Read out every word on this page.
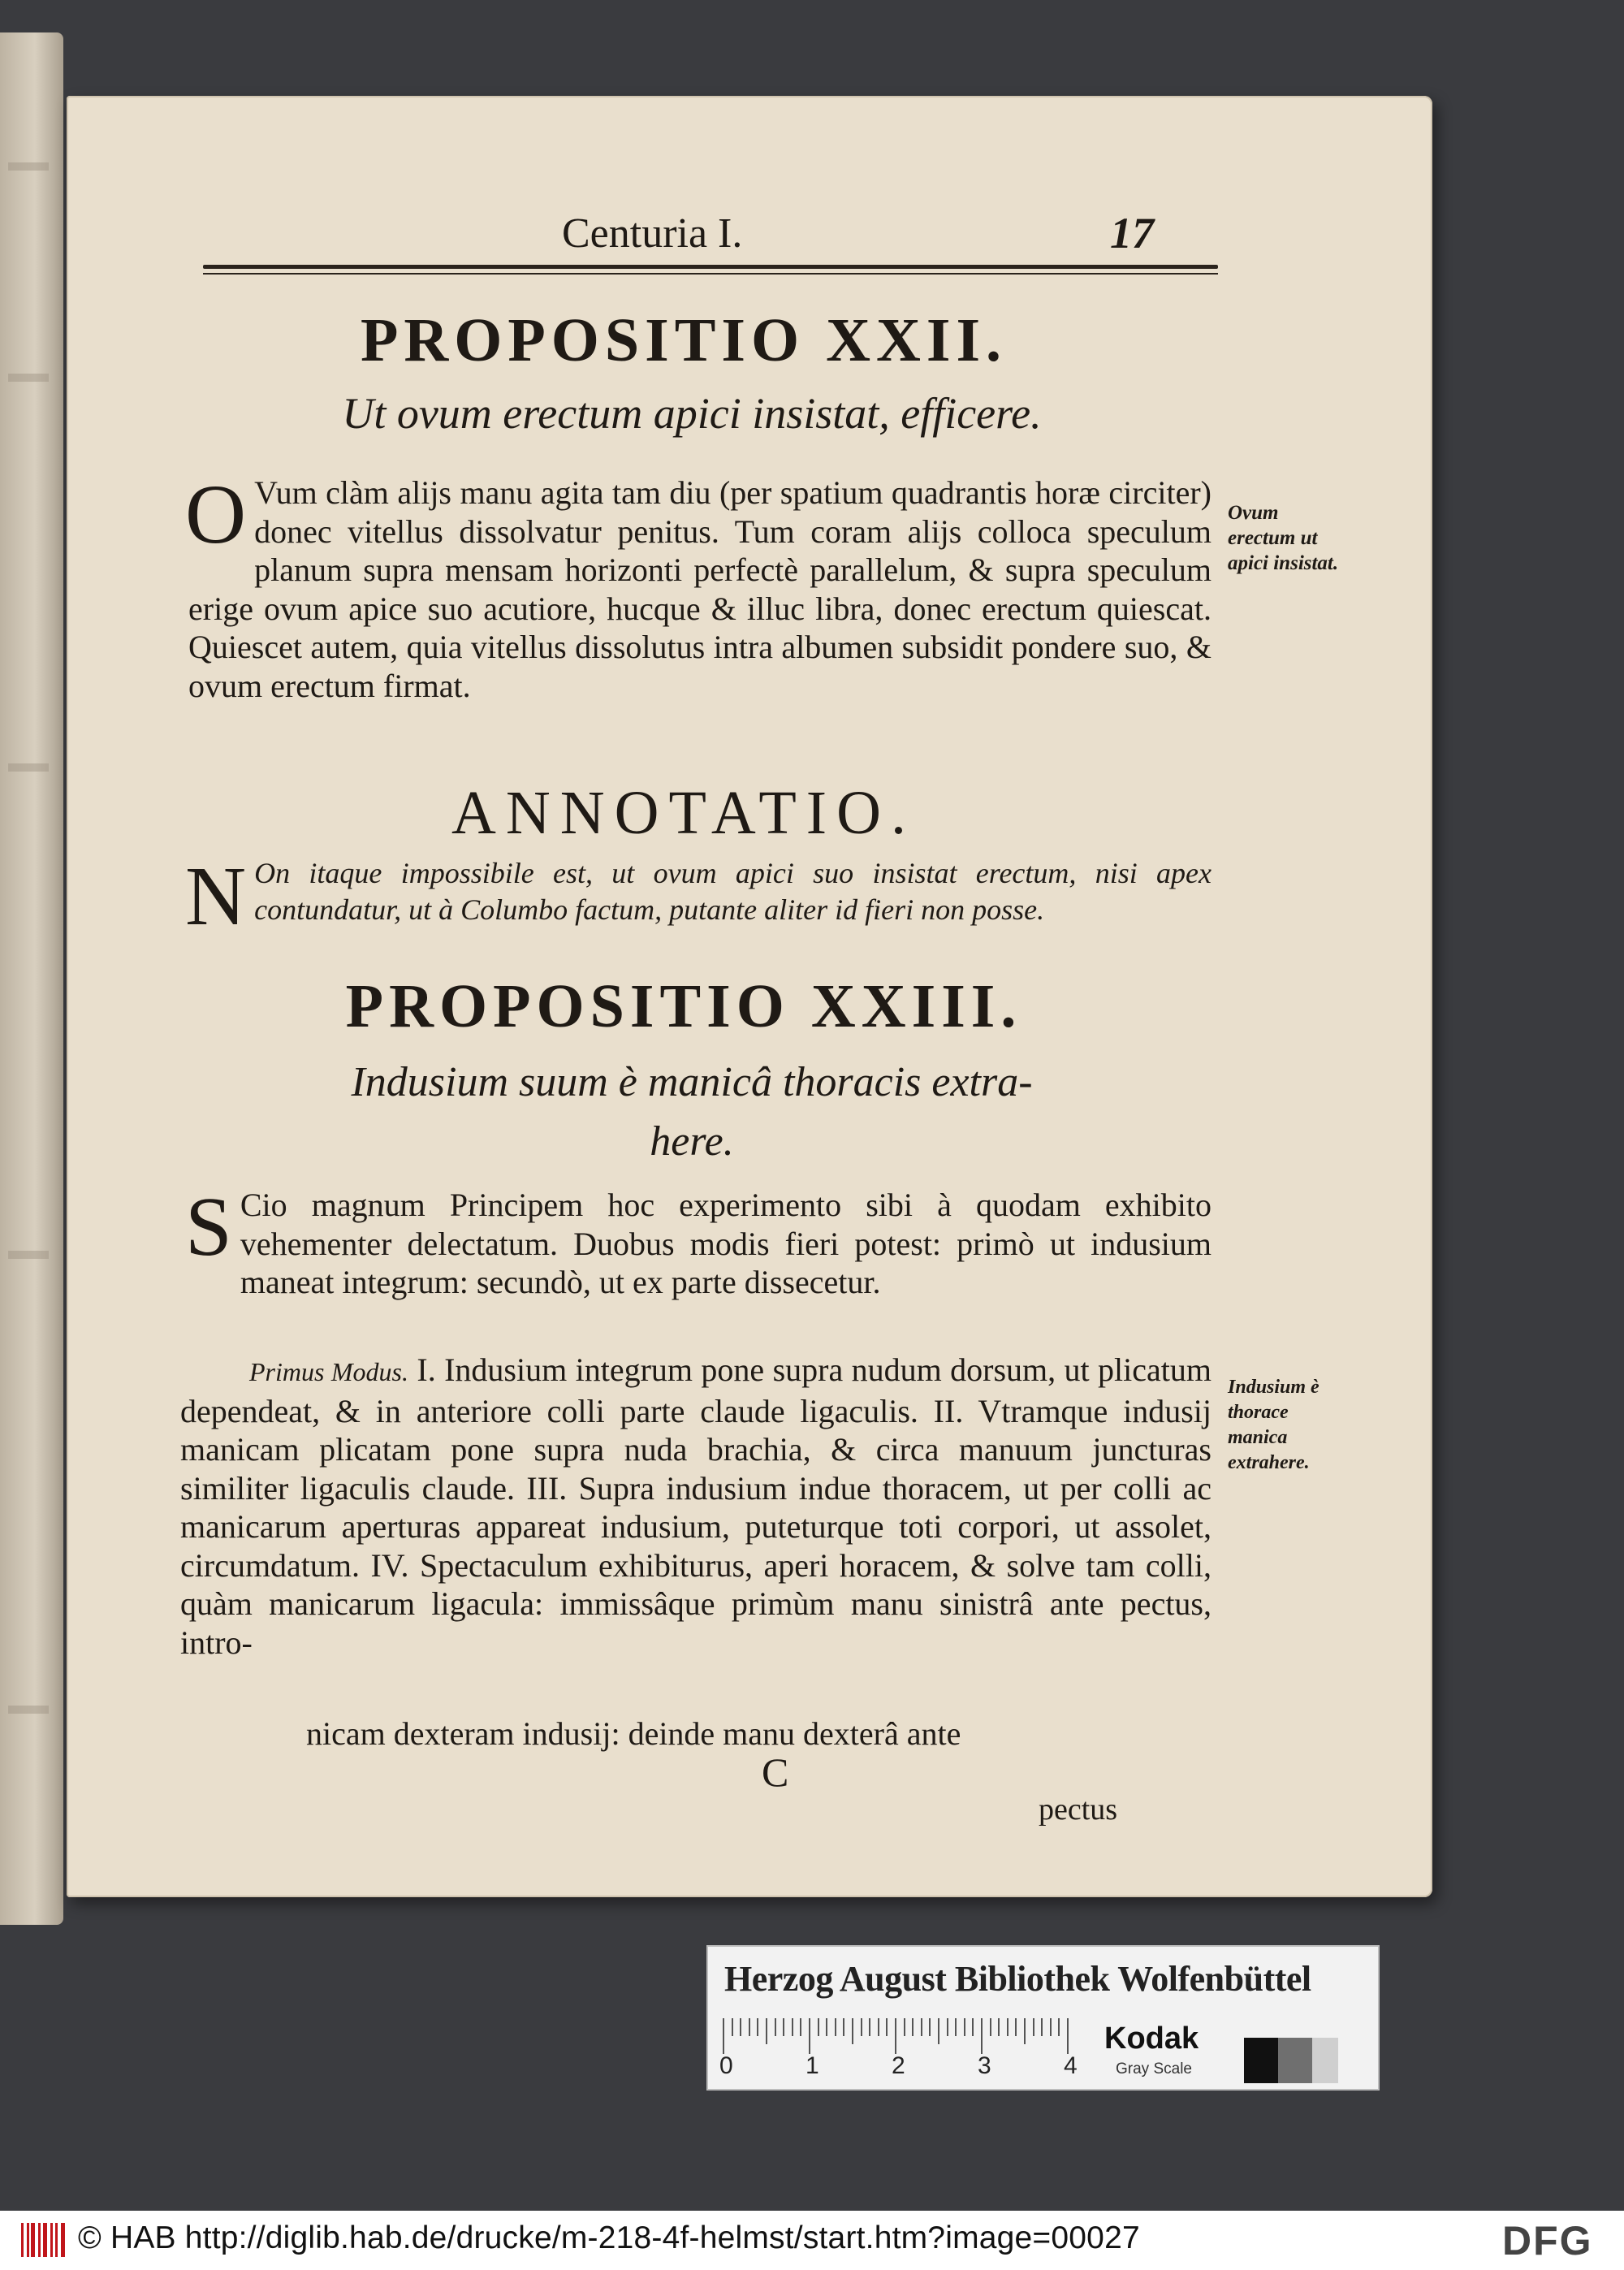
Centuria I.	17
PROPOSITIO XXII.
Ut ovum erectum apici insistat, efficere.
O Vum clàm alijs manu agita tam diu (per spatium quadrantis horæ circiter) donec vitellus dissolvatur penitus. Tum coram alijs colloca speculum planum supra mensam horizonti perfectè parallelum, & supra speculum erige ovum apice suo acutiore, hucque & illuc libra, donec erectum quiescat. Quiescet autem, quia vitellus dissolutus intra albumen subsidit pondere suo, & ovum erectum firmat.
Ovum erectum ut apici insistat.
ANNOTATIO.
N On itaque impossibile est, ut ovum apici suo insistat erectum, nisi apex contundatur, ut à Columbo factum, putante aliter id fieri non posse.
PROPOSITIO XXIII.
Indusium suum è manicâ thoracis extra-
here.
S Cio magnum Principem hoc experimento sibi à quodam exhibito vehementer delectatum. Duobus modis fieri potest: primò ut indusium maneat integrum: secundò, ut ex parte dissecetur.
Primus Modus. I. Indusium integrum pone supra nudum dorsum, ut plicatum dependeat, & in anteriore colli parte claude ligaculis. II. Vtramque indusij manicam plicatam pone supra nuda brachia, & circa manuum juncturas similiter ligaculis claude. III. Supra indusium indue thoracem, ut per colli ac manicarum aperturas appareat indusium, puteturque toti corpori, ut assolet, circumdatum. IV. Spectaculum exhibiturus, aperi horacem, & solve tam colli, quàm manicarum ligacula: immissâque primùm manu sinistrâ ante pectus, intro-
nicam dexteram indusij: deinde manu dexterâ ante
Indusium è thorace manica extrahere.
C
pectus
Herzog August Bibliothek Wolfenbüttel
0	1	2	3	4
Kodak
Gray Scale
© HAB http://diglib.hab.de/drucke/m-218-4f-helmst/start.htm?image=00027	DFG
